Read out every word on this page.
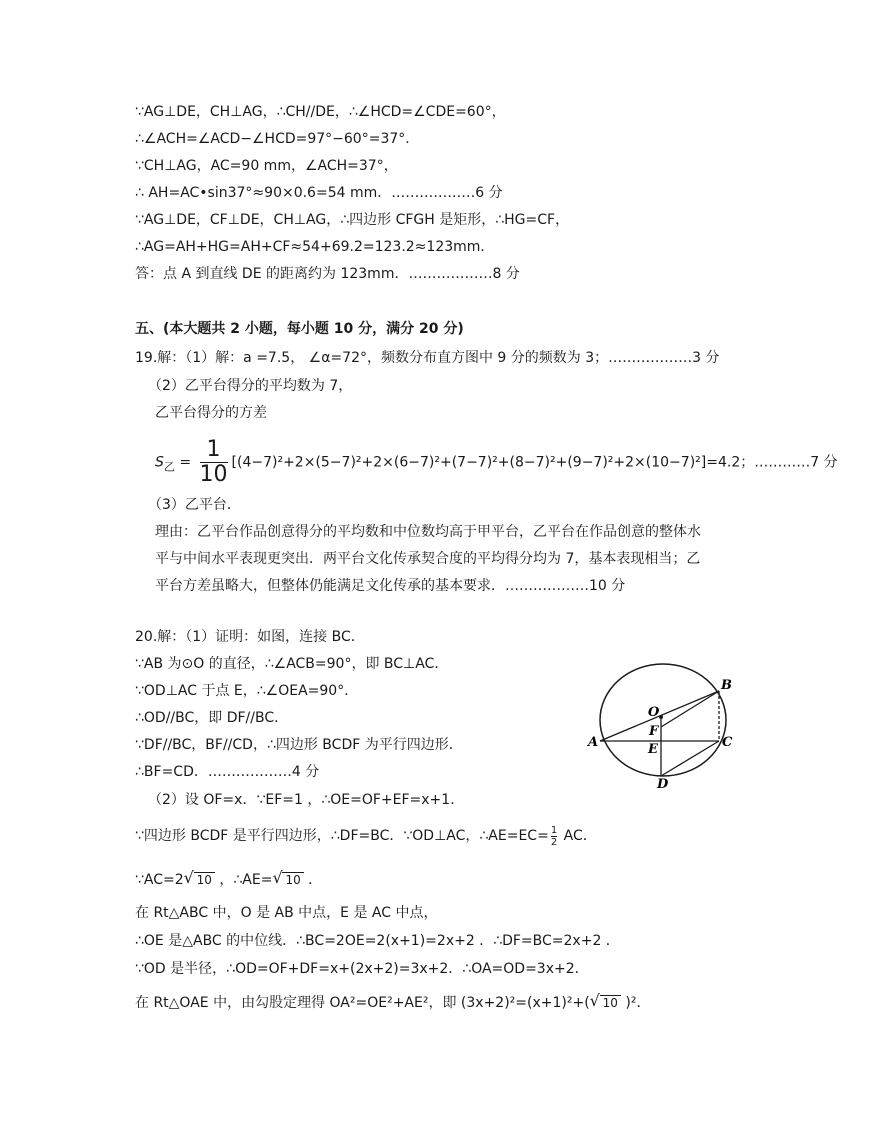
∵AG⊥DE，CH⊥AG，∴CH//DE，∴∠HCD=∠CDE=60°，
∴∠ACH=∠ACD−∠HCD=97°−60°=37°.
∵CH⊥AG，AC=90 mm，∠ACH=37°，
∴ AH=AC•sin37°≈90×0.6=54 mm．………………6 分
∵AG⊥DE，CF⊥DE，CH⊥AG，∴四边形 CFGH 是矩形，∴HG=CF，
∴AG=AH+HG=AH+CF≈54+69.2=123.2≈123mm．
答：点 A 到直线 DE 的距离约为 123mm．………………8 分
五、(本大题共 2 小题，每小题 10 分，满分 20 分)
19.解：（1）解：a =7.5， ∠α=72°，频数分布直方图中 9 分的频数为 3；………………3 分
（2）乙平台得分的平均数为 7，
乙平台得分的方差
$S_乙 = \frac{1}{10} [(4-7)^2+2\times(5-7)^2+2\times(6-7)^2+(7-7)^2+(8-7)^2+(9-7)^2+2\times(10-7)^2]=4.2$；…………7 分
（3）乙平台．
理由：乙平台作品创意得分的平均数和中位数均高于甲平台，乙平台在作品创意的整体水
平与中间水平表现更突出．两平台文化传承契合度的平均得分均为 7，基本表现相当；乙
平台方差虽略大，但整体仍能满足文化传承的基本要求．………………10 分
20.解：（1）证明：如图，连接 BC．
∵AB 为⊙O 的直径，∴∠ACB=90°，即 BC⊥AC．
∵OD⊥AC 于点 E，∴∠OEA=90°．
∴OD//BC，即 DF//BC．
∵DF//BC，BF//CD，∴四边形 BCDF 为平行四边形．
∴BF=CD．………………4 分
（2）设 OF=x．∵EF=1 ，∴OE=OF+EF=x+1．
∵四边形 BCDF 是平行四边形，∴DF=BC．∵OD⊥AC，∴AE=EC= $\frac{1}{2}$ AC．
∵AC=2 √ 10 ，∴AE= √ 10 ．
在 Rt△ABC 中，O 是 AB 中点，E 是 AC 中点，
∴OE 是△ABC 的中位线．∴BC=2OE=2(x+1)=2x+2 ．∴DF=BC=2x+2 ．
∵OD 是半径，∴OD=OF+DF=x+(2x+2)=3x+2．∴OA=OD=3x+2．
在 Rt△OAE 中，由勾股定理得 OA²=OE²+AE²，即 (3x+2)²=(x+1)²+( √ 10 )²．
B
O
F
A	E	C
D
